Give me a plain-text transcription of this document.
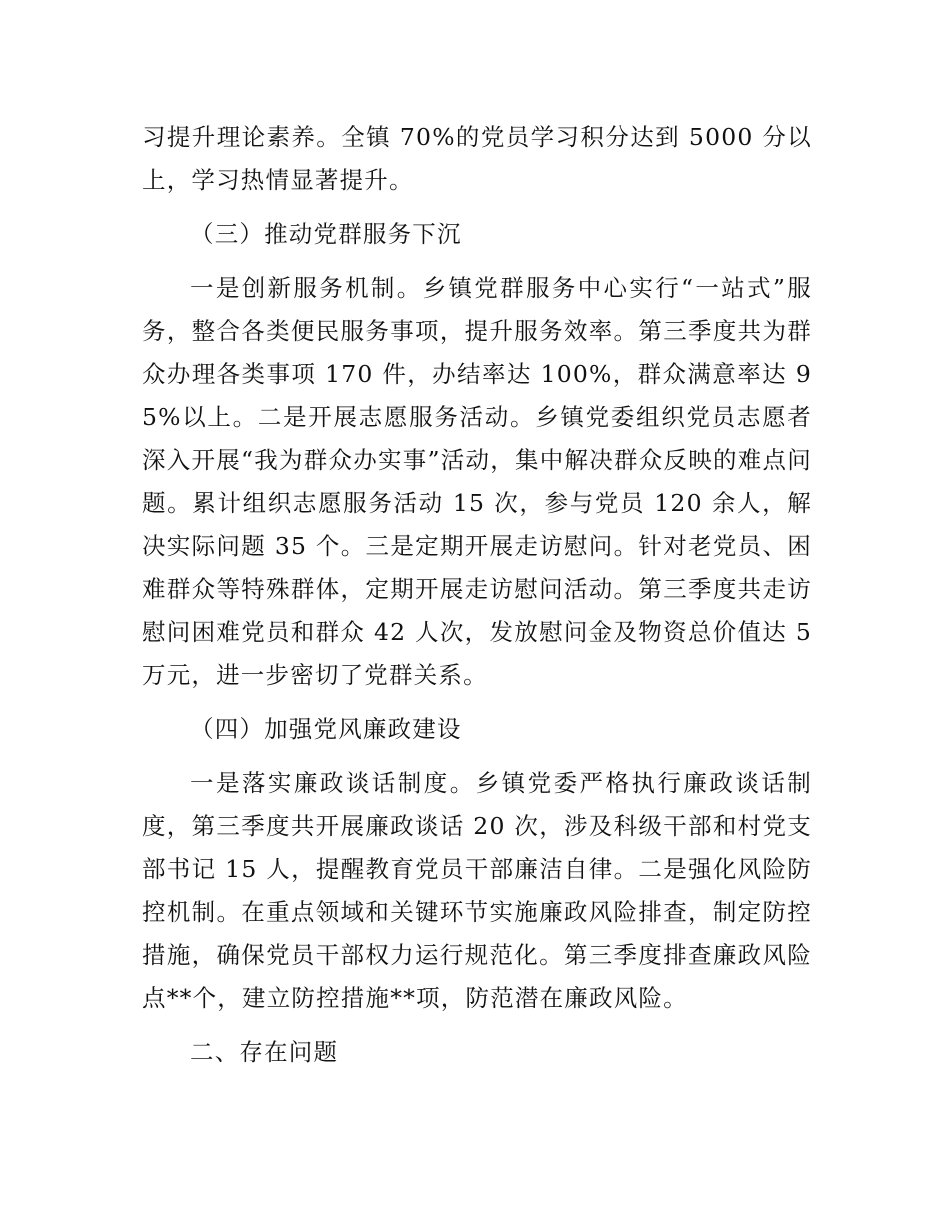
习提升理论素养。全镇 70%的党员学习积分达到 5000 分以上，学习热情显著提升。

（三）推动党群服务下沉

一是创新服务机制。乡镇党群服务中心实行“一站式”服务，整合各类便民服务事项，提升服务效率。第三季度共为群众办理各类事项 170 件，办结率达 100%，群众满意率达 95%以上。二是开展志愿服务活动。乡镇党委组织党员志愿者深入开展“我为群众办实事”活动，集中解决群众反映的难点问题。累计组织志愿服务活动 15 次，参与党员 120 余人，解决实际问题 35 个。三是定期开展走访慰问。针对老党员、困难群众等特殊群体，定期开展走访慰问活动。第三季度共走访慰问困难党员和群众 42 人次，发放慰问金及物资总价值达 5 万元，进一步密切了党群关系。

（四）加强党风廉政建设

一是落实廉政谈话制度。乡镇党委严格执行廉政谈话制度，第三季度共开展廉政谈话 20 次，涉及科级干部和村党支部书记 15 人，提醒教育党员干部廉洁自律。二是强化风险防控机制。在重点领域和关键环节实施廉政风险排查，制定防控措施，确保党员干部权力运行规范化。第三季度排查廉政风险点**个，建立防控措施**项，防范潜在廉政风险。

二、存在问题
